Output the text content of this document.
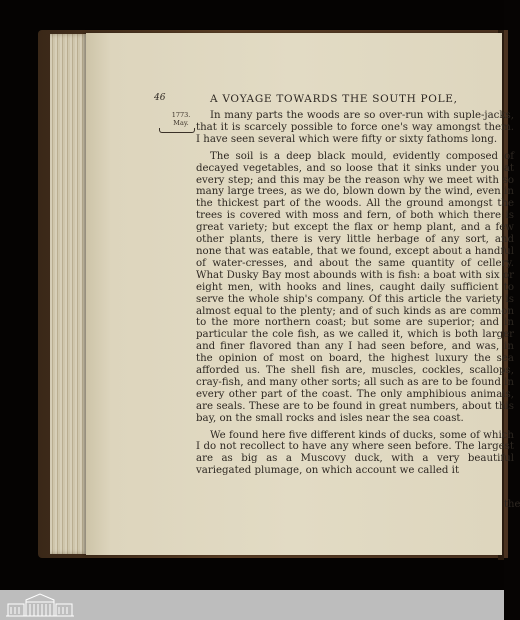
46	A VOYAGE TOWARDS THE SOUTH POLE,
1773.
May.

In many parts the woods are so over-run with suple-jacks, that it is scarcely possible to force one's way amongst them. I have seen several which were fifty or sixty fathoms long.

The soil is a deep black mould, evidently composed of decayed vegetables, and so loose that it sinks under you at every step; and this may be the reason why we meet with so many large trees, as we do, blown down by the wind, even in the thickest part of the woods. All the ground amongst the trees is covered with moss and fern, of both which there is great variety; but except the flax or hemp plant, and a few other plants, there is very little herbage of any sort, and none that was eatable, that we found, except about a handful of water-cresses, and about the same quantity of cellery. What Dusky Bay most abounds with is fish: a boat with six or eight men, with hooks and lines, caught daily sufficient to serve the whole ship's company. Of this article the variety is almost equal to the plenty; and of such kinds as are common to the more northern coast; but some are superior; and in particular the cole fish, as we called it, which is both larger and finer flavored than any I had seen before, and was, in the opinion of most on board, the highest luxury the sea afforded us. The shell fish are, muscles, cockles, scallops, cray-fish, and many other sorts; all such as are to be found in every other part of the coast. The only amphibious animals, are seals. These are to be found in great numbers, about this bay, on the small rocks and isles near the sea coast.

We found here five different kinds of ducks, some of which I do not recollect to have any where seen before. The largest are as big as a Muscovy duck, with a very beautiful variegated plumage, on which account we called it

the
